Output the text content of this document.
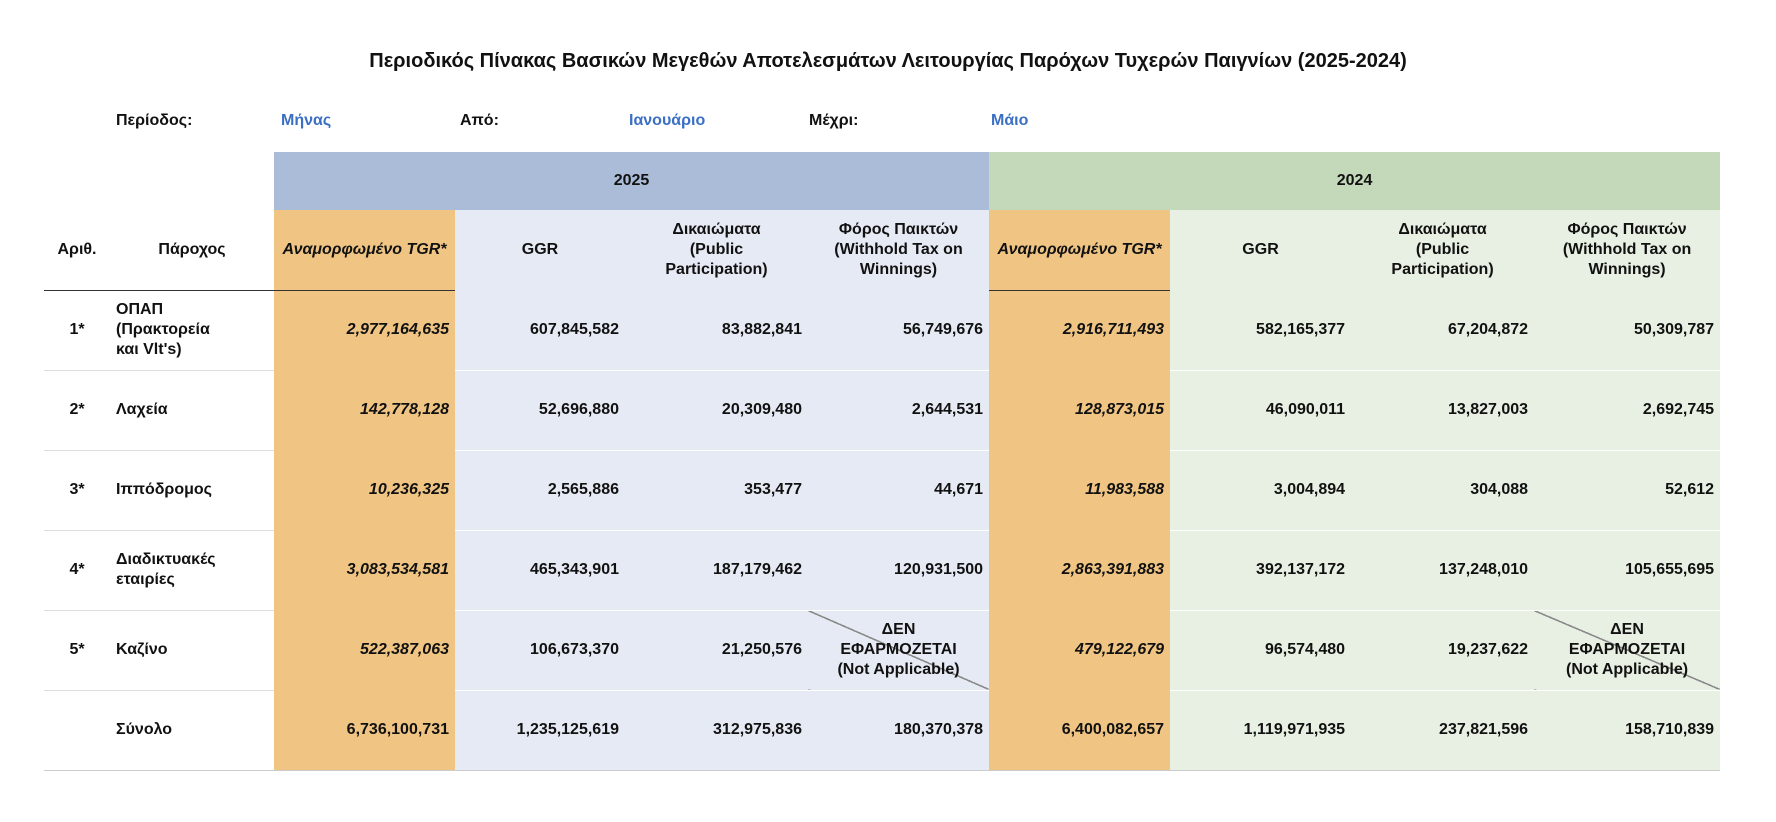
Περιοδικός Πίνακας Βασικών Μεγεθών Αποτελεσμάτων Λειτουργίας Παρόχων Τυχερών Παιγνίων (2025-2024)
Περίοδος:	Μήνας	Από:	Ιανουάριο	Μέχρι:	Μάιο
		2025				2024			
Αριθ.	Πάροχος	Αναμορφωμένο TGR*	GGR	Δικαιώματα
(Public
Participation)	Φόρος Παικτών
(Withhold Tax on
Winnings)	Αναμορφωμένο TGR*	GGR	Δικαιώματα
(Public
Participation)	Φόρος Παικτών
(Withhold Tax on
Winnings)

1*	ΟΠΑΠ
(Πρακτορεία
και Vlt's)	2,977,164,635	607,845,582	83,882,841	56,749,676	2,916,711,493	582,165,377	67,204,872	50,309,787
2*	Λαχεία	142,778,128	52,696,880	20,309,480	2,644,531	128,873,015	46,090,011	13,827,003	2,692,745
3*	Ιππόδρομος	10,236,325	2,565,886	353,477	44,671	11,983,588	3,004,894	304,088	52,612
4*	Διαδικτυακές
εταιρίες	3,083,534,581	465,343,901	187,179,462	120,931,500	2,863,391,883	392,137,172	137,248,010	105,655,695
5*	Καζίνο	522,387,063	106,673,370	21,250,576	ΔΕΝ
ΕΦΑΡΜΟΖΕΤΑΙ
(Not Applicable)	479,122,679	96,574,480	19,237,622	ΔΕΝ
ΕΦΑΡΜΟΖΕΤΑΙ
(Not Applicable)

	Σύνολο	6,736,100,731	1,235,125,619	312,975,836	180,370,378	6,400,082,657	1,119,971,935	237,821,596	158,710,839
